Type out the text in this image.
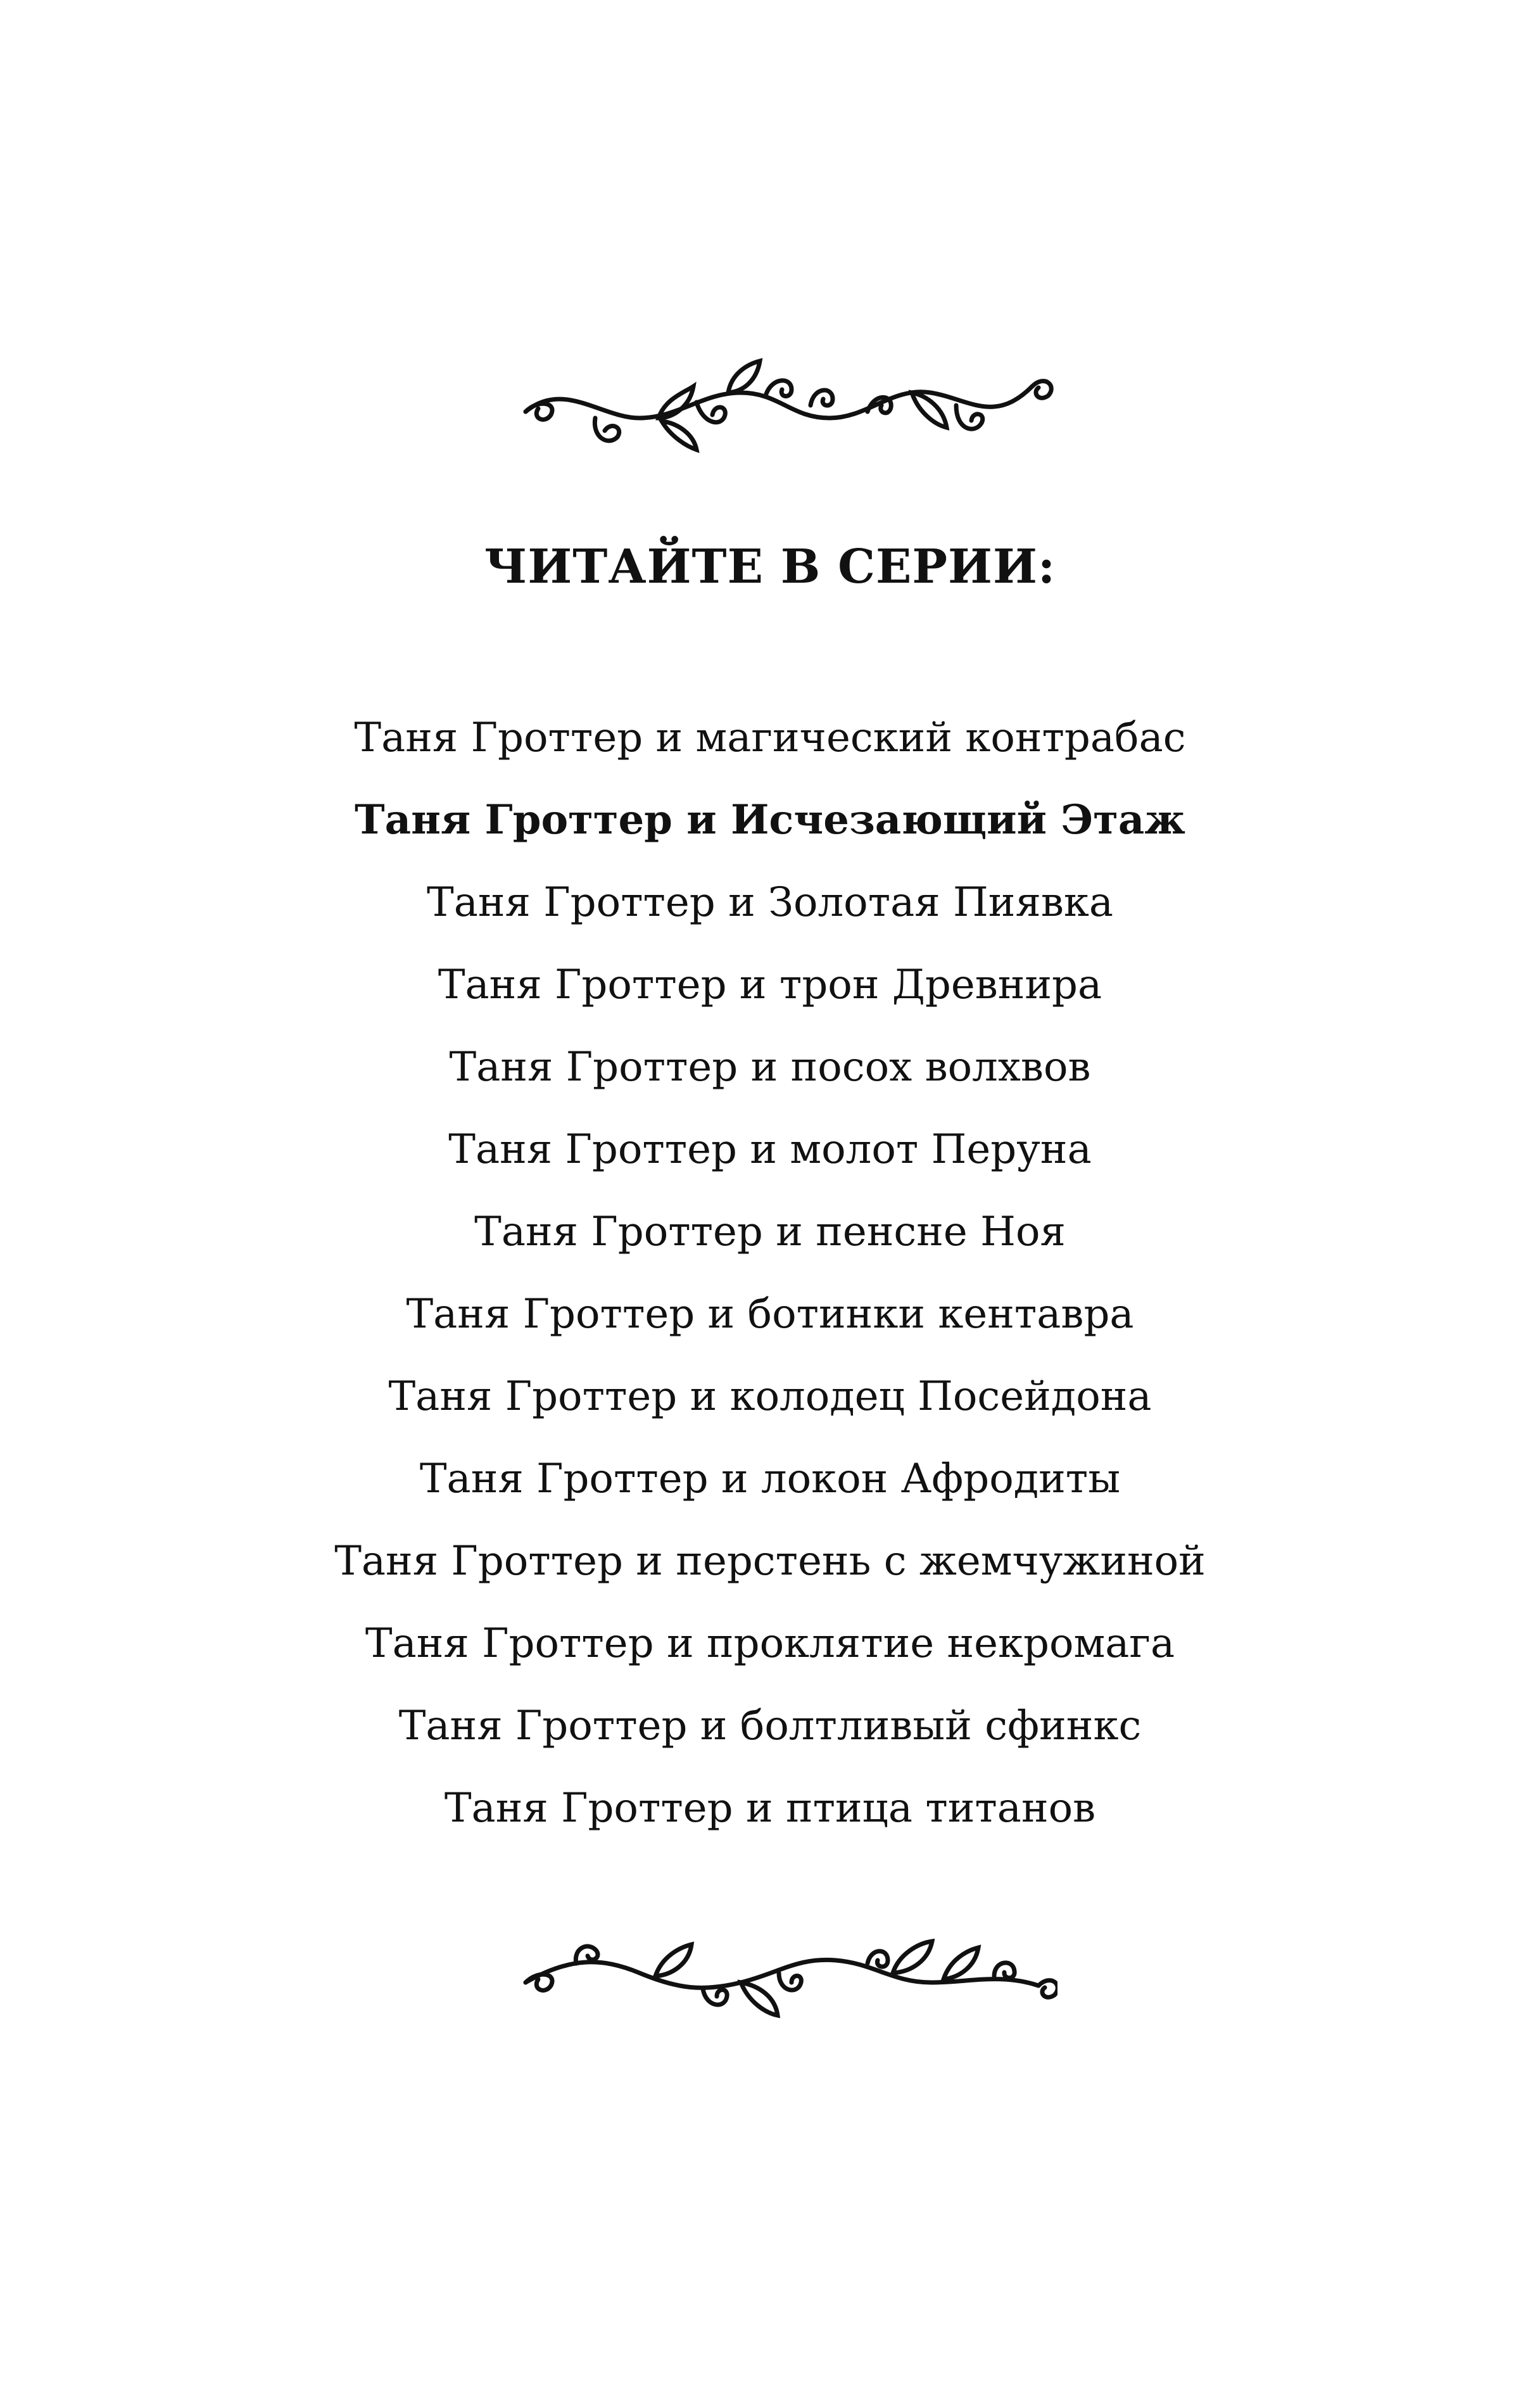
ЧИТАЙТЕ В СЕРИИ:
Таня Гроттер и магический контрабас
Таня Гроттер и Исчезающий Этаж
Таня Гроттер и Золотая Пиявка
Таня Гроттер и трон Древнира
Таня Гроттер и посох волхвов
Таня Гроттер и молот Перуна
Таня Гроттер и пенсне Ноя
Таня Гроттер и ботинки кентавра
Таня Гроттер и колодец Посейдона
Таня Гроттер и локон Афродиты
Таня Гроттер и перстень с жемчужиной
Таня Гроттер и проклятие некромага
Таня Гроттер и болтливый сфинкс
Таня Гроттер и птица титанов
